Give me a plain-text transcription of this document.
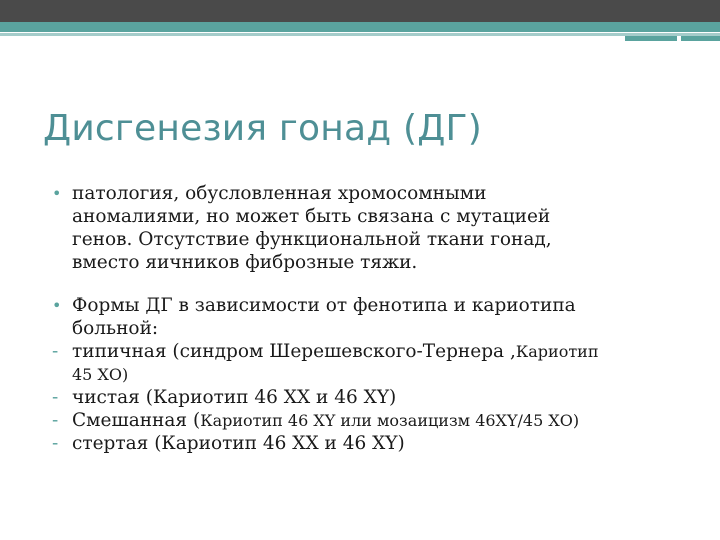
Дисгенезия гонад (ДГ)
• патология, обусловленная хромосомными
аномалиями, но может быть связана с мутацией
генов. Отсутствие функциональной ткани гонад,
вместо яичников фиброзные тяжи.
• Формы ДГ в зависимости от фенотипа и кариотипа
больной:
- типичная (синдром Шерешевского-Тернера ,Кариотип
45 ХО)
- чистая (Кариотип 46 ХХ и 46 XY)
- Смешанная (Кариотип 46 XY или мозаицизм 46XY/45 ХО)
- стертая (Кариотип 46 ХХ и 46 XY)
